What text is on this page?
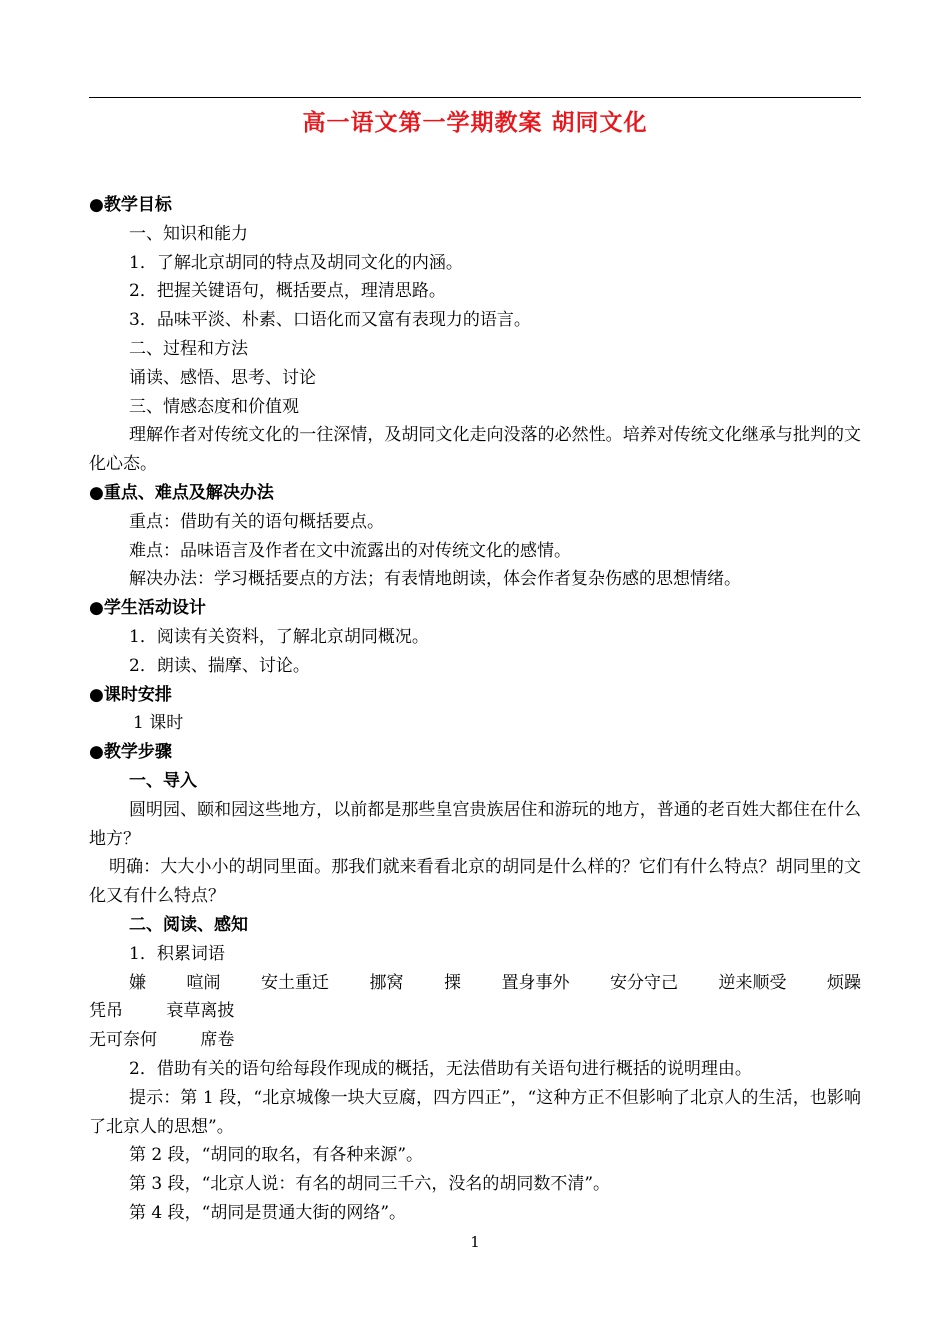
高一语文第一学期教案 胡同文化
●教学目标
一、知识和能力
1．了解北京胡同的特点及胡同文化的内涵。
2．把握关键语句，概括要点，理清思路。
3．品味平淡、朴素、口语化而又富有表现力的语言。
二、过程和方法
诵读、感悟、思考、讨论
三、情感态度和价值观
理解作者对传统文化的一往深情，及胡同文化走向没落的必然性。培养对传统文化继承与批判的文化心态。
●重点、难点及解决办法
重点：借助有关的语句概括要点。
难点：品味语言及作者在文中流露出的对传统文化的感情。
解决办法：学习概括要点的方法；有表情地朗读，体会作者复杂伤感的思想情绪。
●学生活动设计
1．阅读有关资料，了解北京胡同概况。
2．朗读、揣摩、讨论。
●课时安排
1 课时
●教学步骤
一、导入
圆明园、颐和园这些地方，以前都是那些皇宫贵族居住和游玩的地方，普通的老百姓大都住在什么地方？
明确：大大小小的胡同里面。那我们就来看看北京的胡同是什么样的？它们有什么特点？胡同里的文化又有什么特点？
二、阅读、感知
1．积累词语
嫌 喧闹 安土重迁 挪窝 搮 置身事外 安分守己 逆来顺受 烦躁
凭吊	衰草离披
无可奈何	席卷
2．借助有关的语句给每段作现成的概括，无法借助有关语句进行概括的说明理由。
提示：第 1 段，“北京城像一块大豆腐，四方四正”，“这种方正不但影响了北京人的生活，也影响了北京人的思想”。
第 2 段，“胡同的取名，有各种来源”。
第 3 段，“北京人说：有名的胡同三千六，没名的胡同数不清”。
第 4 段，“胡同是贯通大街的网络”。
1
